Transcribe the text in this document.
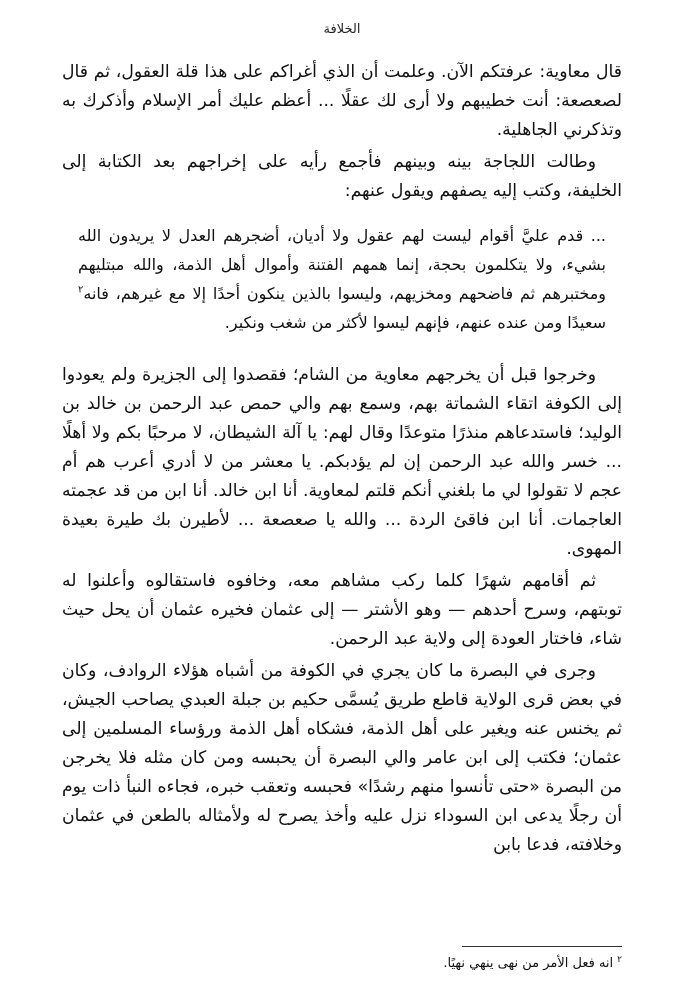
الخلافة

قال معاوية: عرفتكم الآن. وعلمت أن الذي أغراكم على هذا قلة العقول، ثم قال لصعصعة: أنت خطيبهم ولا أرى لك عقلًا ... أعظم عليك أمر الإسلام وأذكرك به وتذكرني الجاهلية.

وطالت اللجاجة بينه وبينهم فأجمع رأيه على إخراجهم بعد الكتابة إلى الخليفة، وكتب إليه يصفهم ويقول عنهم:

... قدم عليَّ أقوام ليست لهم عقول ولا أديان، أضجرهم العدل لا يريدون الله بشيء، ولا يتكلمون بحجة، إنما همهم الفتنة وأموال أهل الذمة، والله مبتليهم ومختبرهم ثم فاضحهم ومخزيهم، وليسوا بالذين ينكون أحدًا إلا مع غيرهم، فانه$^٢$ سعيدًا ومن عنده عنهم، فإنهم ليسوا لأكثر من شغب ونكير.

وخرجوا قبل أن يخرجهم معاوية من الشام؛ فقصدوا إلى الجزيرة ولم يعودوا إلى الكوفة اتقاء الشماتة بهم، وسمع بهم والي حمص عبد الرحمن بن خالد بن الوليد؛ فاستدعاهم منذرًا متوعدًا وقال لهم: يا آلة الشيطان، لا مرحبًا بكم ولا أهلًا ... خسر والله عبد الرحمن إن لم يؤدبكم. يا معشر من لا أدري أعرب هم أم عجم لا تقولوا لي ما بلغني أنكم قلتم لمعاوية. أنا ابن خالد. أنا ابن من قد عجمته العاجمات. أنا ابن فاقئ الردة ... والله يا صعصعة ... لأطيرن بك طيرة بعيدة المهوى.

ثم أقامهم شهرًا كلما ركب مشاهم معه، وخافوه فاستقالوه وأعلنوا له توبتهم، وسرح أحدهم — وهو الأشتر — إلى عثمان فخيره عثمان أن يحل حيث شاء، فاختار العودة إلى ولاية عبد الرحمن.

وجرى في البصرة ما كان يجري في الكوفة من أشباه هؤلاء الروادف، وكان في بعض قرى الولاية قاطع طريق يُسمَّى حكيم بن جبلة العبدي يصاحب الجيش، ثم يخنس عنه ويغير على أهل الذمة، فشكاه أهل الذمة ورؤساء المسلمين إلى عثمان؛ فكتب إلى ابن عامر والي البصرة أن يحبسه ومن كان مثله فلا يخرجن من البصرة «حتى تأنسوا منهم رشدًا» فحبسه وتعقب خبره، فجاءه النبأ ذات يوم أن رجلًا يدعى ابن السوداء نزل عليه وأخذ يصرح له ولأمثاله بالطعن في عثمان وخلافته، فدعا بابن

$^٢$انه فعل الأمر من نهى ينهي نهيًا.
